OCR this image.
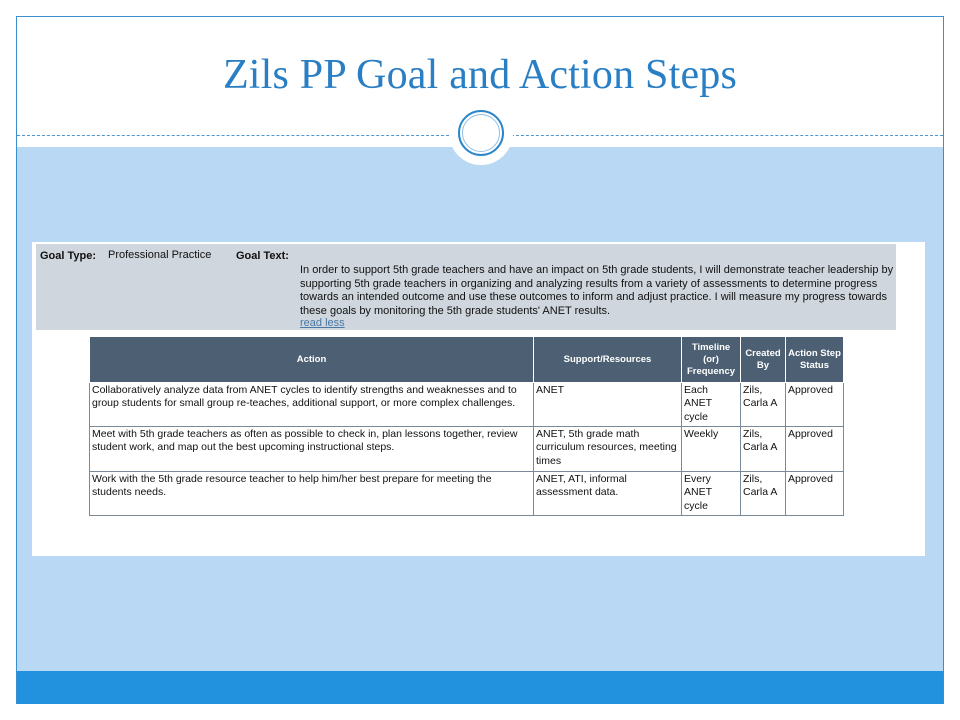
Zils PP Goal and Action Steps
Goal Type: Professional Practice Goal Text:
In order to support 5th grade teachers and have an impact on 5th grade students, I will demonstrate teacher leadership by supporting 5th grade teachers in organizing and analyzing results from a variety of assessments to determine progress towards an intended outcome and use these outcomes to inform and adjust practice. I will measure my progress towards these goals by monitoring the 5th grade students' ANET results.
read less
Action	Support/Resources	Timeline (or) Frequency	Created By	Action Step Status
Collaboratively analyze data from ANET cycles to identify strengths and weaknesses and to group students for small group re-teaches, additional support, or more complex challenges.	ANET	Each ANET cycle	Zils, Carla A	Approved
Meet with 5th grade teachers as often as possible to check in, plan lessons together, review student work, and map out the best upcoming instructional steps.	ANET, 5th grade math curriculum resources, meeting times	Weekly	Zils, Carla A	Approved
Work with the 5th grade resource teacher to help him/her best prepare for meeting the students needs.	ANET, ATI, informal assessment data.	Every ANET cycle	Zils, Carla A	Approved
